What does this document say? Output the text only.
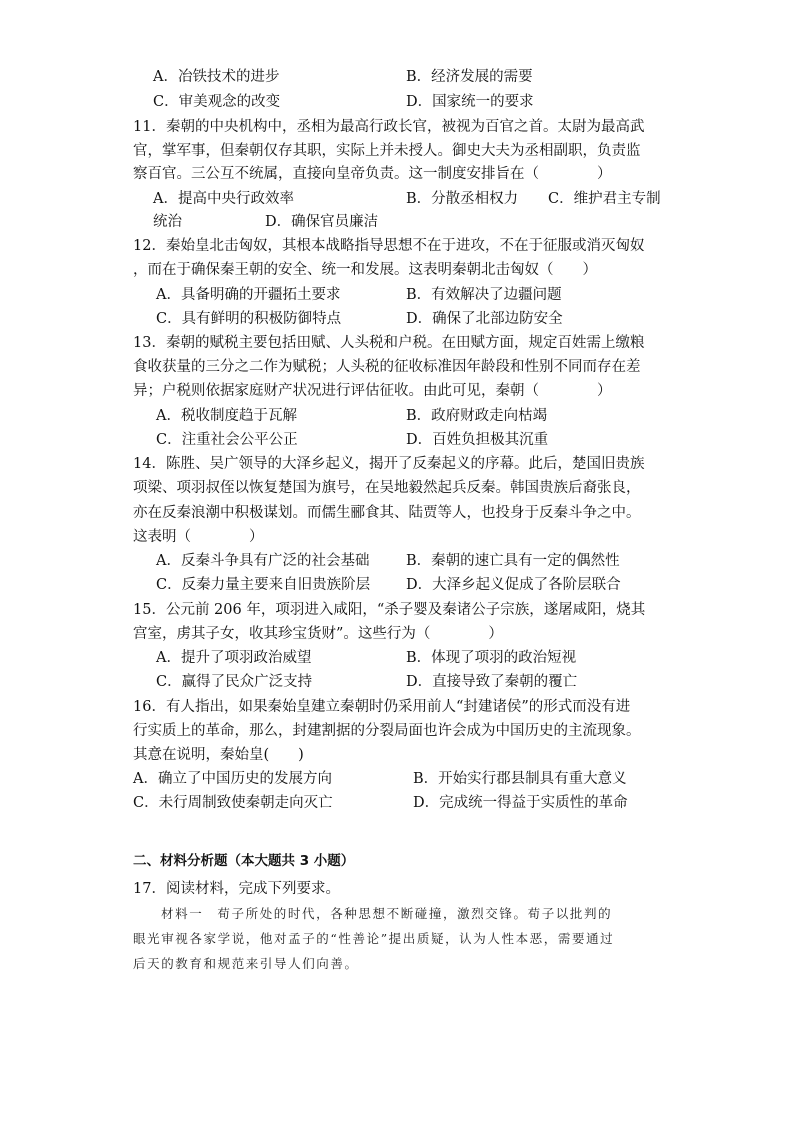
A．冶铁技术的进步	B．经济发展的需要
C．审美观念的改变	D．国家统一的要求
11．秦朝的中央机构中，丞相为最高行政长官，被视为百官之首。太尉为最高武
官，掌军事，但秦朝仅存其职，实际上并未授人。御史大夫为丞相副职，负责监
察百官。三公互不统属，直接向皇帝负责。这一制度安排旨在（　　　　）
A．提高中央行政效率	B．分散丞相权力 C．维护君主专制
统治	D．确保官员廉洁
12．秦始皇北击匈奴，其根本战略指导思想不在于进攻，不在于征服或消灭匈奴
，而在于确保秦王朝的安全、统一和发展。这表明秦朝北击匈奴（　　）
A．具备明确的开疆拓土要求	B．有效解决了边疆问题
C．具有鲜明的积极防御特点	D．确保了北部边防安全
13．秦朝的赋税主要包括田赋、人头税和户税。在田赋方面，规定百姓需上缴粮
食收获量的三分之二作为赋税；人头税的征收标准因年龄段和性别不同而存在差
异；户税则依据家庭财产状况进行评估征收。由此可见，秦朝（　　　　）
A．税收制度趋于瓦解	B．政府财政走向枯竭
C．注重社会公平公正	D．百姓负担极其沉重
14．陈胜、吴广领导的大泽乡起义，揭开了反秦起义的序幕。此后，楚国旧贵族
项梁、项羽叔侄以恢复楚国为旗号，在吴地毅然起兵反秦。韩国贵族后裔张良，
亦在反秦浪潮中积极谋划。而儒生郦食其、陆贾等人，也投身于反秦斗争之中。
这表明（　　　　）
A．反秦斗争具有广泛的社会基础	B．秦朝的速亡具有一定的偶然性
C．反秦力量主要来自旧贵族阶层 D．大泽乡起义促成了各阶层联合
15．公元前 206 年，项羽进入咸阳，“杀子婴及秦诸公子宗族，遂屠咸阳，烧其
宫室，虏其子女，收其珍宝货财”。这些行为（　　　　）
A．提升了项羽政治威望	B．体现了项羽的政治短视
C．赢得了民众广泛支持	D．直接导致了秦朝的覆亡
16．有人指出，如果秦始皇建立秦朝时仍采用前人“封建诸侯”的形式而没有进
行实质上的革命，那么，封建割据的分裂局面也许会成为中国历史的主流现象。
其意在说明，秦始皇(　　)
A．确立了中国历史的发展方向	B．开始实行郡县制具有重大意义
C．未行周制致使秦朝走向灭亡	D．完成统一得益于实质性的革命
二、材料分析题（本大题共 3 小题）
17．阅读材料，完成下列要求。
材料一　荀子所处的时代，各种思想不断碰撞，激烈交锋。荀子以批判的
眼光审视各家学说，他对孟子的“性善论”提出质疑，认为人性本恶，需要通过
后天的教育和规范来引导人们向善。
